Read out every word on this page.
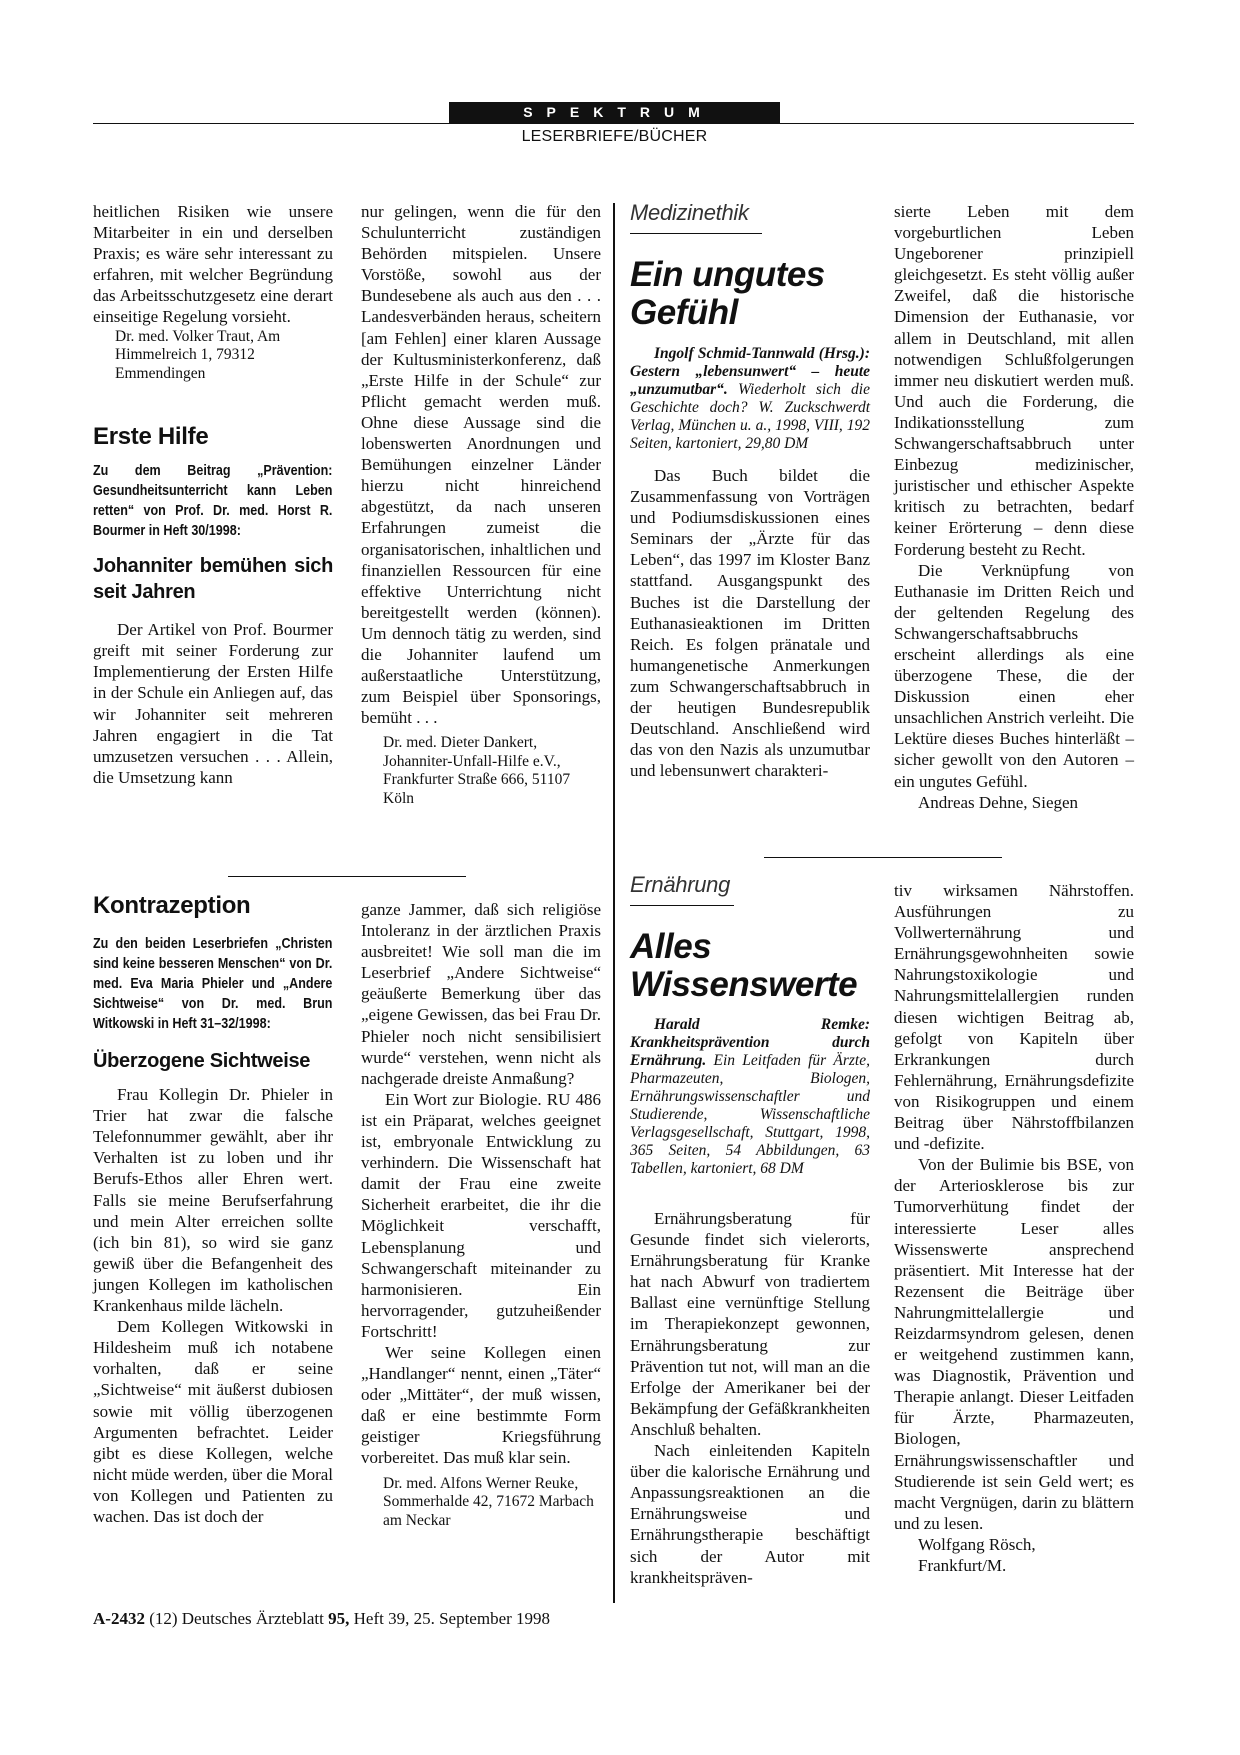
SPEKTRUM
LESERBRIEFE/BÜCHER

heitlichen Risiken wie unsere Mitarbeiter in ein und derselben Praxis; es wäre sehr interessant zu erfahren, mit welcher Begründung das Arbeitsschutzgesetz eine derart einseitige Regelung vorsieht.

Dr. med. Volker Traut, Am Himmelreich 1, 79312 Emmendingen

Erste Hilfe

Zu dem Beitrag „Prävention: Gesundheitsunterricht kann Leben retten“ von Prof. Dr. med. Horst R. Bourmer in Heft 30/1998:

Johanniter bemühen sich seit Jahren

Der Artikel von Prof. Bourmer greift mit seiner Forderung zur Implementierung der Ersten Hilfe in der Schule ein Anliegen auf, das wir Johanniter seit mehreren Jahren engagiert in die Tat umzusetzen versuchen . . . Allein, die Umsetzung kann

nur gelingen, wenn die für den Schulunterricht zuständigen Behörden mitspielen. Unsere Vorstöße, sowohl aus der Bundesebene als auch aus den . . . Landesverbänden heraus, scheitern [am Fehlen] einer klaren Aussage der Kultusministerkonferenz, daß „Erste Hilfe in der Schule“ zur Pflicht gemacht werden muß. Ohne diese Aussage sind die lobenswerten Anordnungen und Bemühungen einzelner Länder hierzu nicht hinreichend abgestützt, da nach unseren Erfahrungen zumeist die organisatorischen, inhaltlichen und finanziellen Ressourcen für eine effektive Unterrichtung nicht bereitgestellt werden (können). Um dennoch tätig zu werden, sind die Johanniter laufend um außerstaatliche Unterstützung, zum Beispiel über Sponsorings, bemüht . . .

Dr. med. Dieter Dankert, Johanniter-Unfall-Hilfe e.V., Frankfurter Straße 666, 51107 Köln

Kontrazeption

Zu den beiden Leserbriefen „Christen sind keine besseren Menschen“ von Dr. med. Eva Maria Phieler und „Andere Sichtweise“ von Dr. med. Brun Witkowski in Heft 31–32/1998:

Überzogene Sichtweise

Frau Kollegin Dr. Phieler in Trier hat zwar die falsche Telefonnummer gewählt, aber ihr Verhalten ist zu loben und ihr Berufs-Ethos aller Ehren wert. Falls sie meine Berufserfahrung und mein Alter erreichen sollte (ich bin 81), so wird sie ganz gewiß über die Befangenheit des jungen Kollegen im katholischen Krankenhaus milde lächeln.

Dem Kollegen Witkowski in Hildesheim muß ich notabene vorhalten, daß er seine „Sichtweise“ mit äußerst dubiosen sowie mit völlig überzogenen Argumenten befrachtet. Leider gibt es diese Kollegen, welche nicht müde werden, über die Moral von Kollegen und Patienten zu wachen. Das ist doch der

ganze Jammer, daß sich religiöse Intoleranz in der ärztlichen Praxis ausbreitet! Wie soll man die im Leserbrief „Andere Sichtweise“ geäußerte Bemerkung über das „eigene Gewissen, das bei Frau Dr. Phieler noch nicht sensibilisiert wurde“ verstehen, wenn nicht als nachgerade dreiste Anmaßung?

Ein Wort zur Biologie. RU 486 ist ein Präparat, welches geeignet ist, embryonale Entwicklung zu verhindern. Die Wissenschaft hat damit der Frau eine zweite Sicherheit erarbeitet, die ihr die Möglichkeit verschafft, Lebensplanung und Schwangerschaft miteinander zu harmonisieren. Ein hervorragender, gutzuheißender Fortschritt!

Wer seine Kollegen einen „Handlanger“ nennt, einen „Täter“ oder „Mittäter“, der muß wissen, daß er eine bestimmte Form geistiger Kriegsführung vorbereitet. Das muß klar sein.

Dr. med. Alfons Werner Reuke, Sommerhalde 42, 71672 Marbach am Neckar

Medizinethik
Ein ungutes
Gefühl

Ingolf Schmid-Tannwald (Hrsg.): Gestern „lebensunwert“ – heute „unzumutbar“. Wiederholt sich die Geschichte doch? W. Zuckschwerdt Verlag, München u. a., 1998, VIII, 192 Seiten, kartoniert, 29,80 DM

Das Buch bildet die Zusammenfassung von Vorträgen und Podiumsdiskussionen eines Seminars der „Ärzte für das Leben“, das 1997 im Kloster Banz stattfand. Ausgangspunkt des Buches ist die Darstellung der Euthanasieaktionen im Dritten Reich. Es folgen pränatale und humangenetische Anmerkungen zum Schwangerschaftsabbruch in der heutigen Bundesrepublik Deutschland. Anschließend wird das von den Nazis als unzumutbar und lebensunwert charakteri-

sierte Leben mit dem vorgeburtlichen Leben Ungeborener prinzipiell gleichgesetzt. Es steht völlig außer Zweifel, daß die historische Dimension der Euthanasie, vor allem in Deutschland, mit allen notwendigen Schlußfolgerungen immer neu diskutiert werden muß. Und auch die Forderung, die Indikationsstellung zum Schwangerschaftsabbruch unter Einbezug medizinischer, juristischer und ethischer Aspekte kritisch zu betrachten, bedarf keiner Erörterung – denn diese Forderung besteht zu Recht.

Die Verknüpfung von Euthanasie im Dritten Reich und der geltenden Regelung des Schwangerschaftsabbruchs erscheint allerdings als eine überzogene These, die der Diskussion einen eher unsachlichen Anstrich verleiht. Die Lektüre dieses Buches hinterläßt – sicher gewollt von den Autoren – ein ungutes Gefühl.

Andreas Dehne, Siegen

Ernährung
Alles
Wissenswerte

Harald Remke: Krankheitsprävention durch Ernährung. Ein Leitfaden für Ärzte, Pharmazeuten, Biologen, Ernährungswissenschaftler und Studierende, Wissenschaftliche Verlagsgesellschaft, Stuttgart, 1998, 365 Seiten, 54 Abbildungen, 63 Tabellen, kartoniert, 68 DM

Ernährungsberatung für Gesunde findet sich vielerorts, Ernährungsberatung für Kranke hat nach Abwurf von tradiertem Ballast eine vernünftige Stellung im Therapiekonzept gewonnen, Ernährungsberatung zur Prävention tut not, will man an die Erfolge der Amerikaner bei der Bekämpfung der Gefäßkrankheiten Anschluß behalten.

Nach einleitenden Kapiteln über die kalorische Ernährung und Anpassungsreaktionen an die Ernährungsweise und Ernährungstherapie beschäftigt sich der Autor mit krankheitspräven-

tiv wirksamen Nährstoffen. Ausführungen zu Vollwerternährung und Ernährungsgewohnheiten sowie Nahrungstoxikologie und Nahrungsmittelallergien runden diesen wichtigen Beitrag ab, gefolgt von Kapiteln über Erkrankungen durch Fehlernährung, Ernährungsdefizite von Risikogruppen und einem Beitrag über Nährstoffbilanzen und -defizite.

Von der Bulimie bis BSE, von der Arteriosklerose bis zur Tumorverhütung findet der interessierte Leser alles Wissenswerte ansprechend präsentiert. Mit Interesse hat der Rezensent die Beiträge über Nahrungmittelallergie und Reizdarmsyndrom gelesen, denen er weitgehend zustimmen kann, was Diagnostik, Prävention und Therapie anlangt. Dieser Leitfaden für Ärzte, Pharmazeuten, Biologen, Ernährungswissenschaftler und Studierende ist sein Geld wert; es macht Vergnügen, darin zu blättern und zu lesen.

Wolfgang Rösch,

Frankfurt/M.

A-2432 (12) Deutsches Ärzteblatt 95, Heft 39, 25. September 1998
